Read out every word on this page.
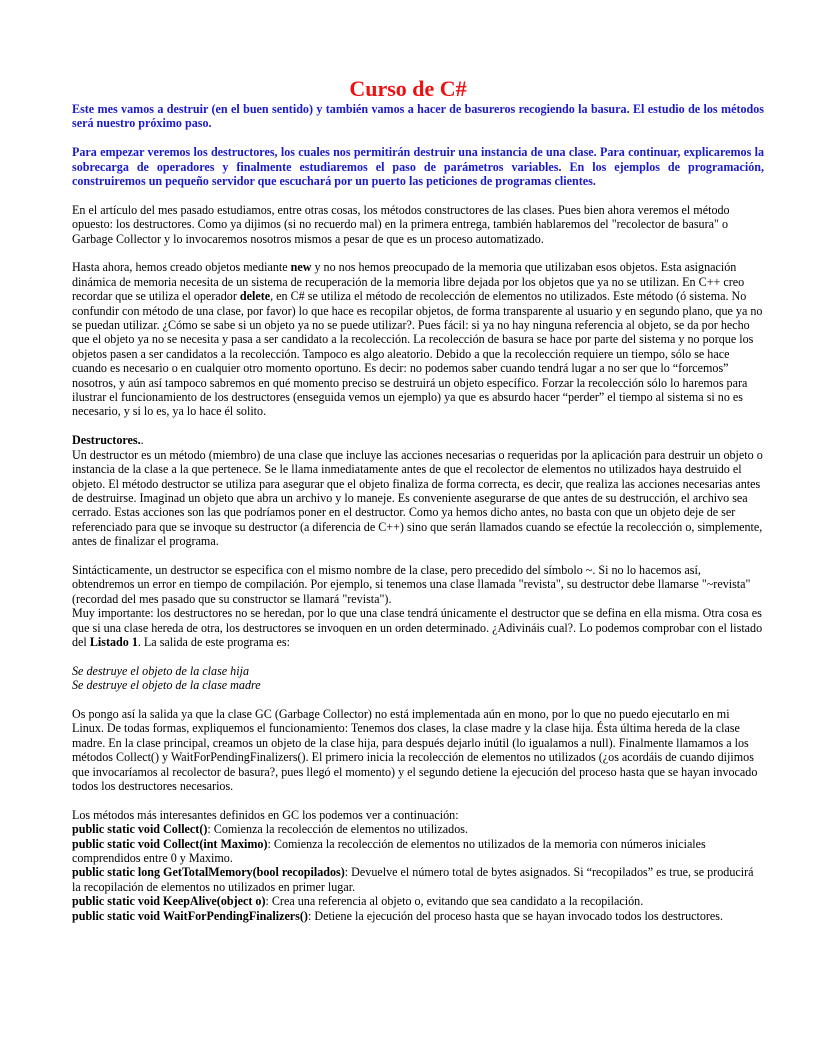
Curso de C#

Este mes vamos a destruir (en el buen sentido) y también vamos a hacer de basureros recogiendo la basura. El estudio de los métodos será nuestro próximo paso.

Para empezar veremos los destructores, los cuales nos permitirán destruir una instancia de una clase. Para continuar, explicaremos la sobrecarga de operadores y finalmente estudiaremos el paso de parámetros variables. En los ejemplos de programación, construiremos un pequeño servidor que escuchará por un puerto las peticiones de programas clientes.

En el artículo del mes pasado estudiamos, entre otras cosas, los métodos constructores de las clases. Pues bien ahora veremos el método opuesto: los destructores. Como ya dijimos (si no recuerdo mal) en la primera entrega, también hablaremos del "recolector de basura" o Garbage Collector y lo invocaremos nosotros mismos a pesar de que es un proceso automatizado.

Hasta ahora, hemos creado objetos mediante new y no nos hemos preocupado de la memoria que utilizaban esos objetos. Esta asignación dinámica de memoria necesita de un sistema de recuperación de la memoria libre dejada por los objetos que ya no se utilizan. En C++ creo recordar que se utiliza el operador delete, en C# se utiliza el método de recolección de elementos no utilizados. Este método (ó sistema. No confundir con método de una clase, por favor) lo que hace es recopilar objetos, de forma transparente al usuario y en segundo plano, que ya no se puedan utilizar. ¿Cómo se sabe si un objeto ya no se puede utilizar?. Pues fácil: si ya no hay ninguna referencia al objeto, se da por hecho que el objeto ya no se necesita y pasa a ser candidato a la recolección. La recolección de basura se hace por parte del sistema y no porque los objetos pasen a ser candidatos a la recolección. Tampoco es algo aleatorio. Debido a que la recolección requiere un tiempo, sólo se hace cuando es necesario o en cualquier otro momento oportuno. Es decir: no podemos saber cuando tendrá lugar a no ser que lo “forcemos” nosotros, y aún así tampoco sabremos en qué momento preciso se destruirá un objeto específico. Forzar la recolección sólo lo haremos para ilustrar el funcionamiento de los destructores (enseguida vemos un ejemplo) ya que es absurdo hacer “perder” el tiempo al sistema si no es necesario, y si lo es, ya lo hace él solito.

Destructores..
Un destructor es un método (miembro) de una clase que incluye las acciones necesarias o requeridas por la aplicación para destruir un objeto o instancia de la clase a la que pertenece. Se le llama inmediatamente antes de que el recolector de elementos no utilizados haya destruido el objeto. El método destructor se utiliza para asegurar que el objeto finaliza de forma correcta, es decir, que realiza las acciones necesarias antes de destruirse. Imaginad un objeto que abra un archivo y lo maneje. Es conveniente asegurarse de que antes de su destrucción, el archivo sea cerrado. Estas acciones son las que podríamos poner en el destructor. Como ya hemos dicho antes, no basta con que un objeto deje de ser referenciado para que se invoque su destructor (a diferencia de C++) sino que serán llamados cuando se efectúe la recolección o, simplemente, antes de finalizar el programa.

Sintácticamente, un destructor se especifica con el mismo nombre de la clase, pero precedido del símbolo ~. Si no lo hacemos así, obtendremos un error en tiempo de compilación. Por ejemplo, si tenemos una clase llamada "revista", su destructor debe llamarse "~revista" (recordad del mes pasado que su constructor se llamará "revista").
Muy importante: los destructores no se heredan, por lo que una clase tendrá únicamente el destructor que se defina en ella misma. Otra cosa es que si una clase hereda de otra, los destructores se invoquen en un orden determinado. ¿Adivináis cual?. Lo podemos comprobar con el listado del Listado 1. La salida de este programa es:

Se destruye el objeto de la clase hija
Se destruye el objeto de la clase madre

Os pongo así la salida ya que la clase GC (Garbage Collector) no está implementada aún en mono, por lo que no puedo ejecutarlo en mi Linux. De todas formas, expliquemos el funcionamiento: Tenemos dos clases, la clase madre y la clase hija. Ésta última hereda de la clase madre. En la clase principal, creamos un objeto de la clase hija, para después dejarlo inútil (lo igualamos a null). Finalmente llamamos a los métodos Collect() y WaitForPendingFinalizers(). El primero inicia la recolección de elementos no utilizados (¿os acordáis de cuando dijimos que invocaríamos al recolector de basura?, pues llegó el momento) y el segundo detiene la ejecución del proceso hasta que se hayan invocado todos los destructores necesarios.

Los métodos más interesantes definidos en GC los podemos ver a continuación:
public static void Collect(): Comienza la recolección de elementos no utilizados.
public static void Collect(int Maximo): Comienza la recolección de elementos no utilizados de la memoria con números iniciales comprendidos entre 0 y Maximo.
public static long GetTotalMemory(bool recopilados): Devuelve el número total de bytes asignados. Si “recopilados” es true, se producirá la recopilación de elementos no utilizados en primer lugar.
public static void KeepAlive(object o): Crea una referencia al objeto o, evitando que sea candidato a la recopilación.
public static void WaitForPendingFinalizers(): Detiene la ejecución del proceso hasta que se hayan invocado todos los destructores.
